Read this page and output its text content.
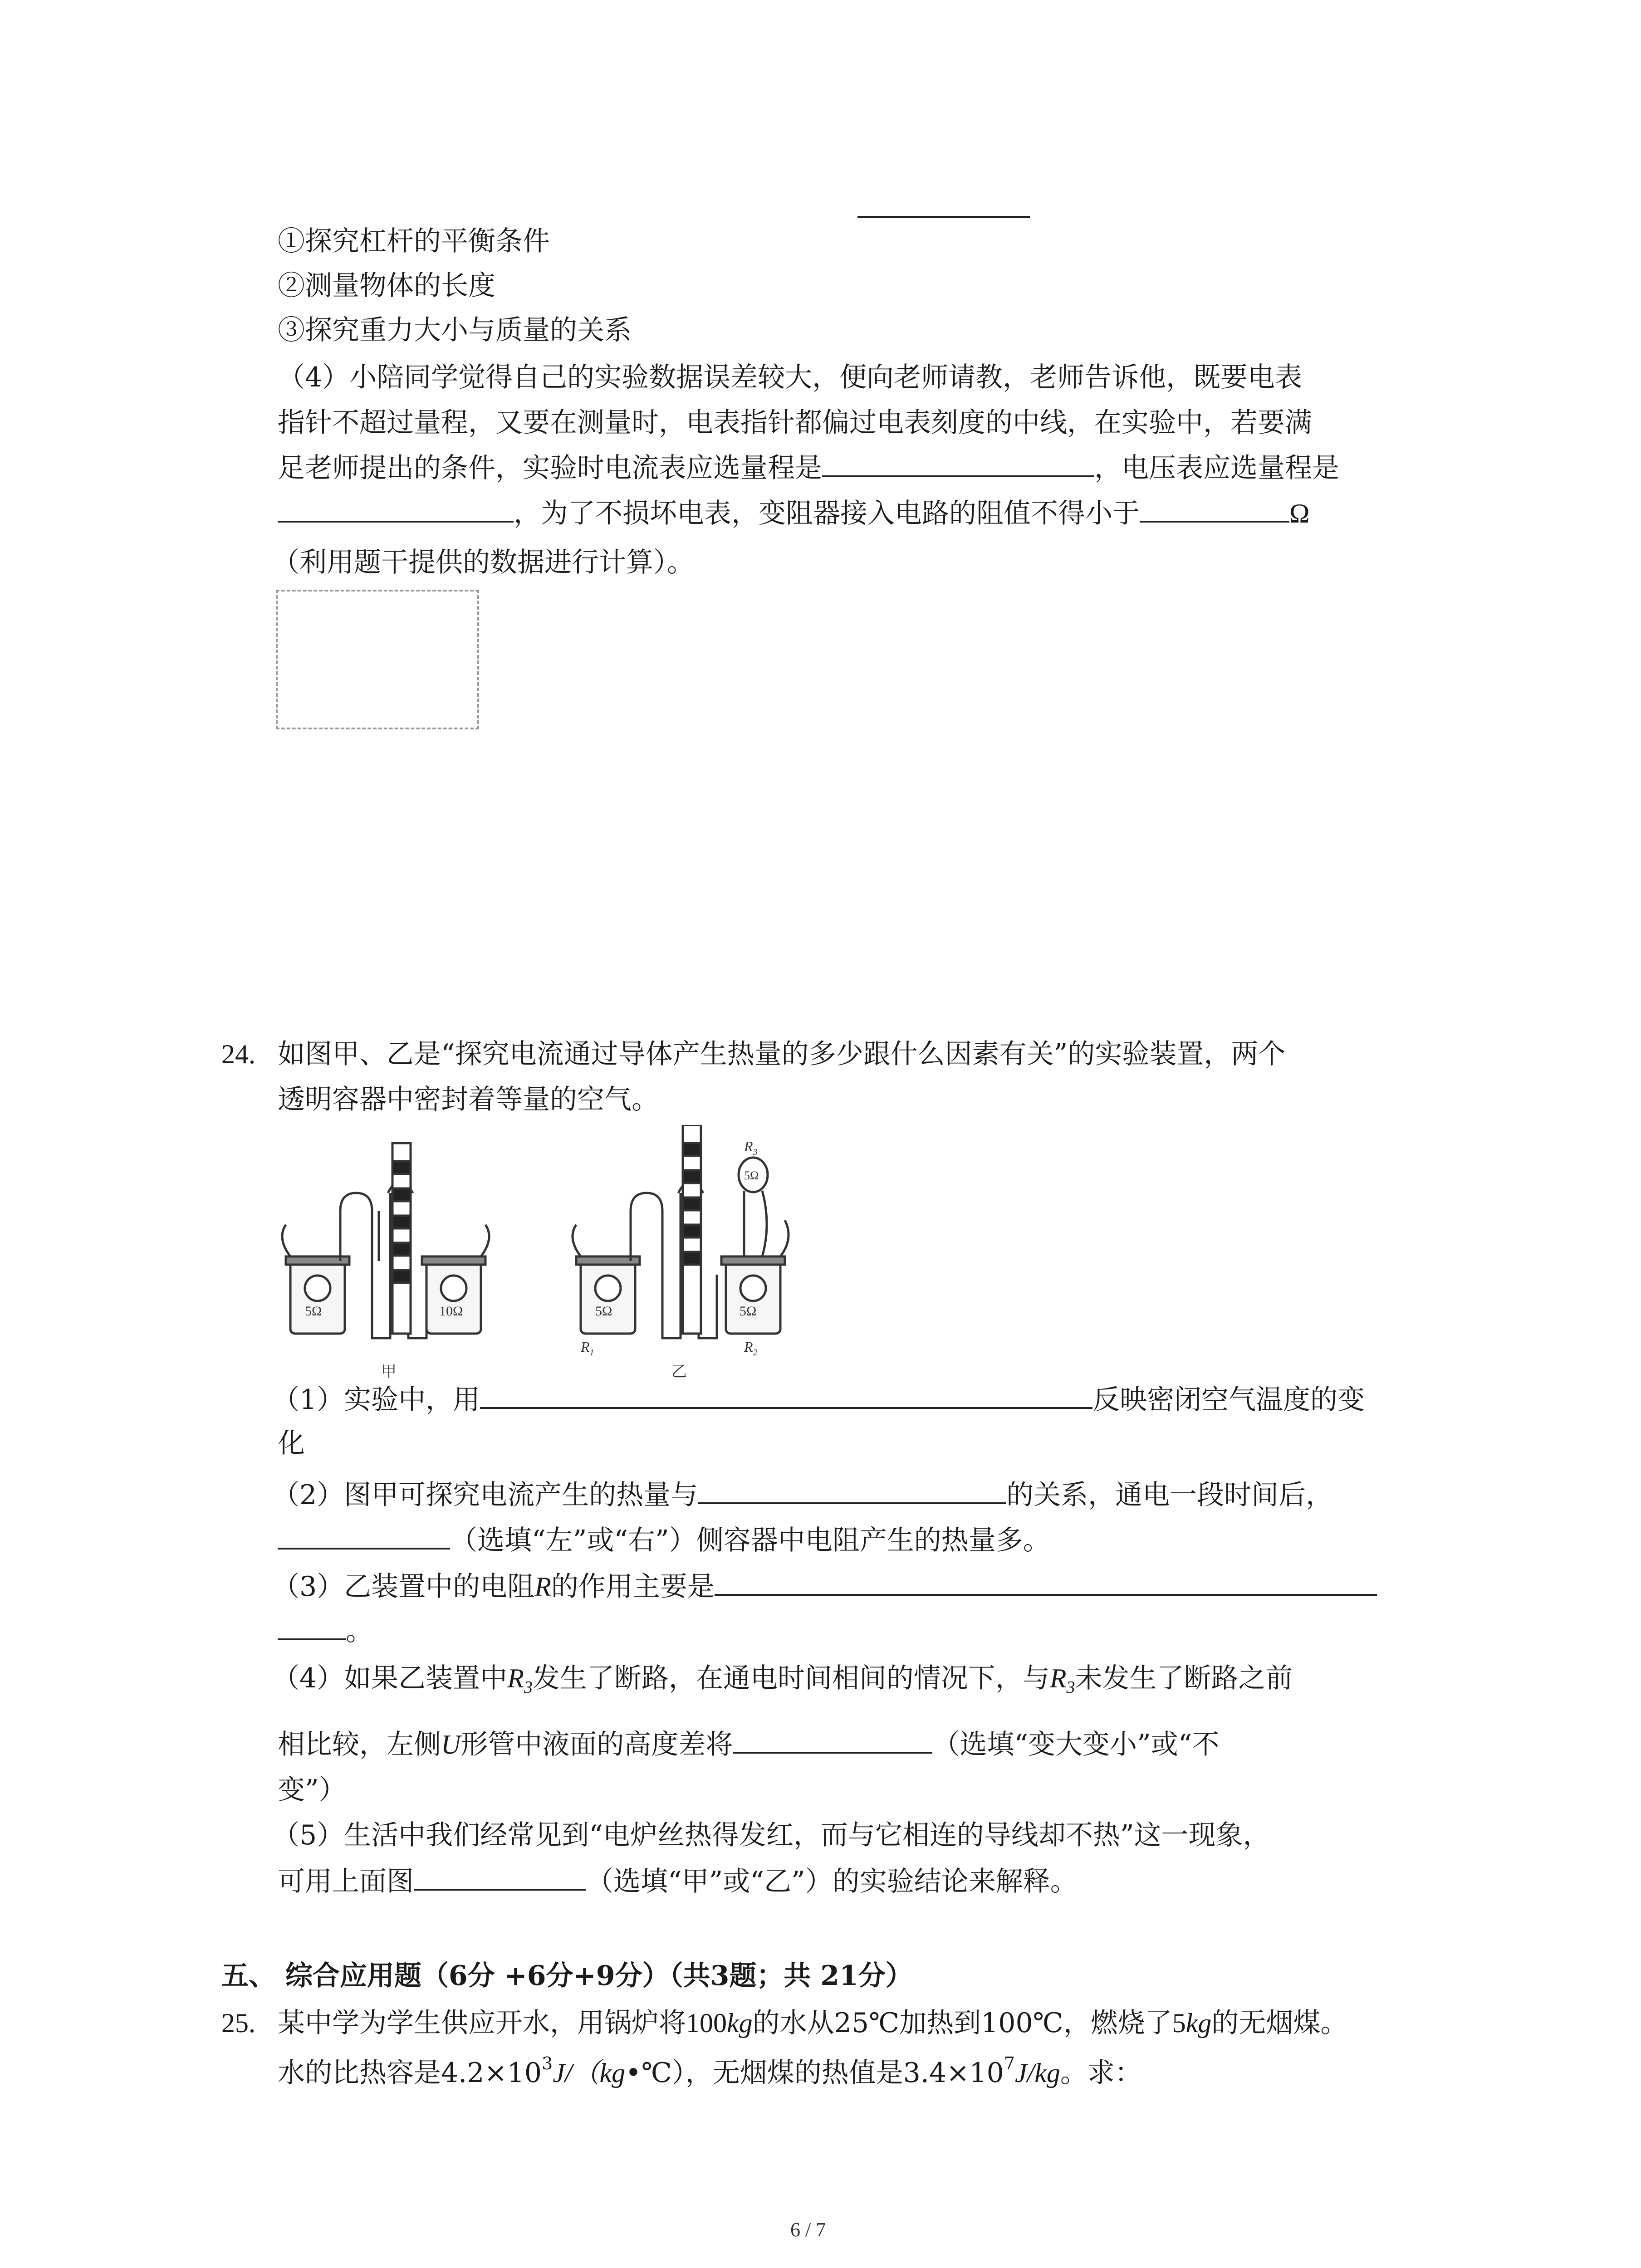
①探究杠杆的平衡条件
②测量物体的长度
③探究重力大小与质量的关系
（4）小陪同学觉得自己的实验数据误差较大，便向老师请教，老师告诉他，既要电表
指针不超过量程，又要在测量时，电表指针都偏过电表刻度的中线，在实验中，若要满
足老师提出的条件，实验时电流表应选量程是	，电压表应选量程是
，为了不损坏电表，变阻器接入电路的阻值不得小于	Ω
（利用题干提供的数据进行计算）。
24. 如图甲、乙是“探究电流通过导体产生热量的多少跟什么因素有关”的实验装置，两个
透明容器中密封着等量的空气。
5Ω	10Ω	5Ω	5Ω
5Ω
$R_3$
$R_1$	$R_2$
甲	乙
（1）实验中，用	反映密闭空气温度的变
化
（2）图甲可探究电流产生的热量与	的关系，通电一段时间后，
（选填“左”或“右”）侧容器中电阻产生的热量多。
（3）乙装置中的电阻R的作用主要是
。
（4）如果乙装置中$R_3$发生了断路，在通电时间相间的情况下，与$R_3$未发生了断路之前
相比较，左侧U形管中液面的高度差将	（选填“变大变小”或“不
变”）
（5）生活中我们经常见到“电炉丝热得发红，而与它相连的导线却不热”这一现象，
可用上面图	（选填“甲”或“乙”）的实验结论来解释。
五、 综合应用题（6分 +6分+9分）（共3题；共 21分）
25. 某中学为学生供应开水，用锅炉将100kg的水从25℃加热到100℃，燃烧了5kg的无烟煤。
水的比热容是$4.2\times 10^3J/(kg•℃)$，无烟煤的热值是$3.4\times 10^7J/kg$。求：
6 / 7
